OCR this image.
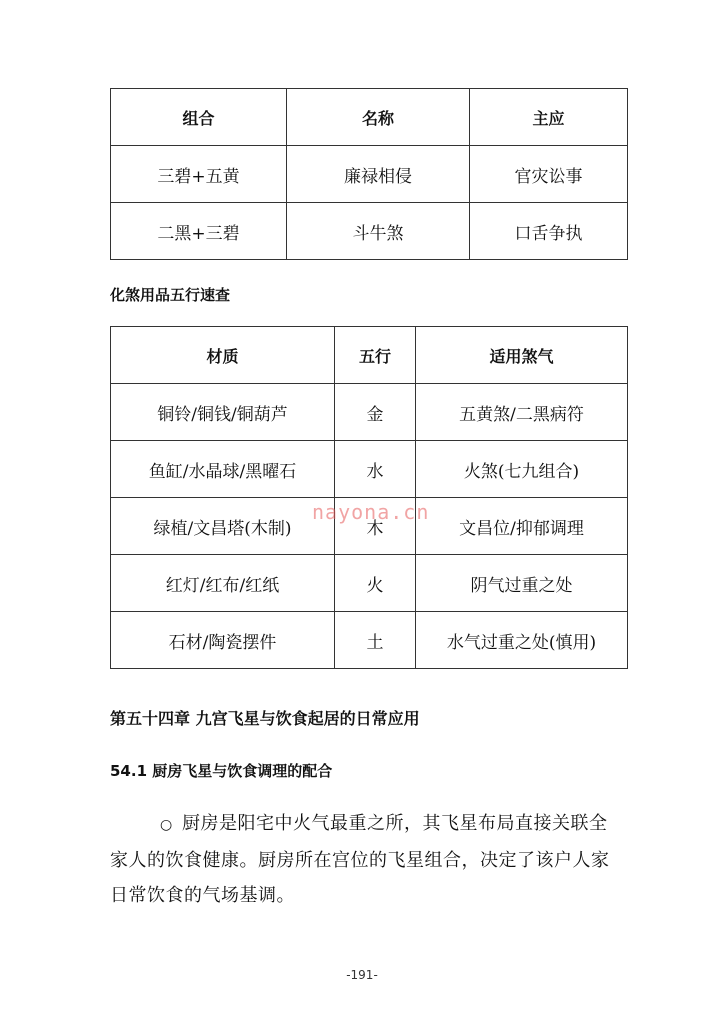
组合	名称	主应
三碧+五黄	廉禄相侵	官灾讼事
二黑+三碧	斗牛煞	口舌争执
化煞用品五行速查
材质	五行	适用煞气
铜铃/铜钱/铜葫芦	金	五黄煞/二黑病符
鱼缸/水晶球/黑曜石	水	火煞(七九组合)
绿植/文昌塔(木制)	木	文昌位/抑郁调理
红灯/红布/红纸	火	阴气过重之处
石材/陶瓷摆件	土	水气过重之处(慎用)
nayona.cn
第五十四章 九宫飞星与饮食起居的日常应用
54.1 厨房飞星与饮食调理的配合

○ 厨房是阳宅中火气最重之所，其飞星布局直接关联全家人的饮食健康。厨房所在宫位的飞星组合，决定了该户人家日常饮食的气场基调。

-191-
